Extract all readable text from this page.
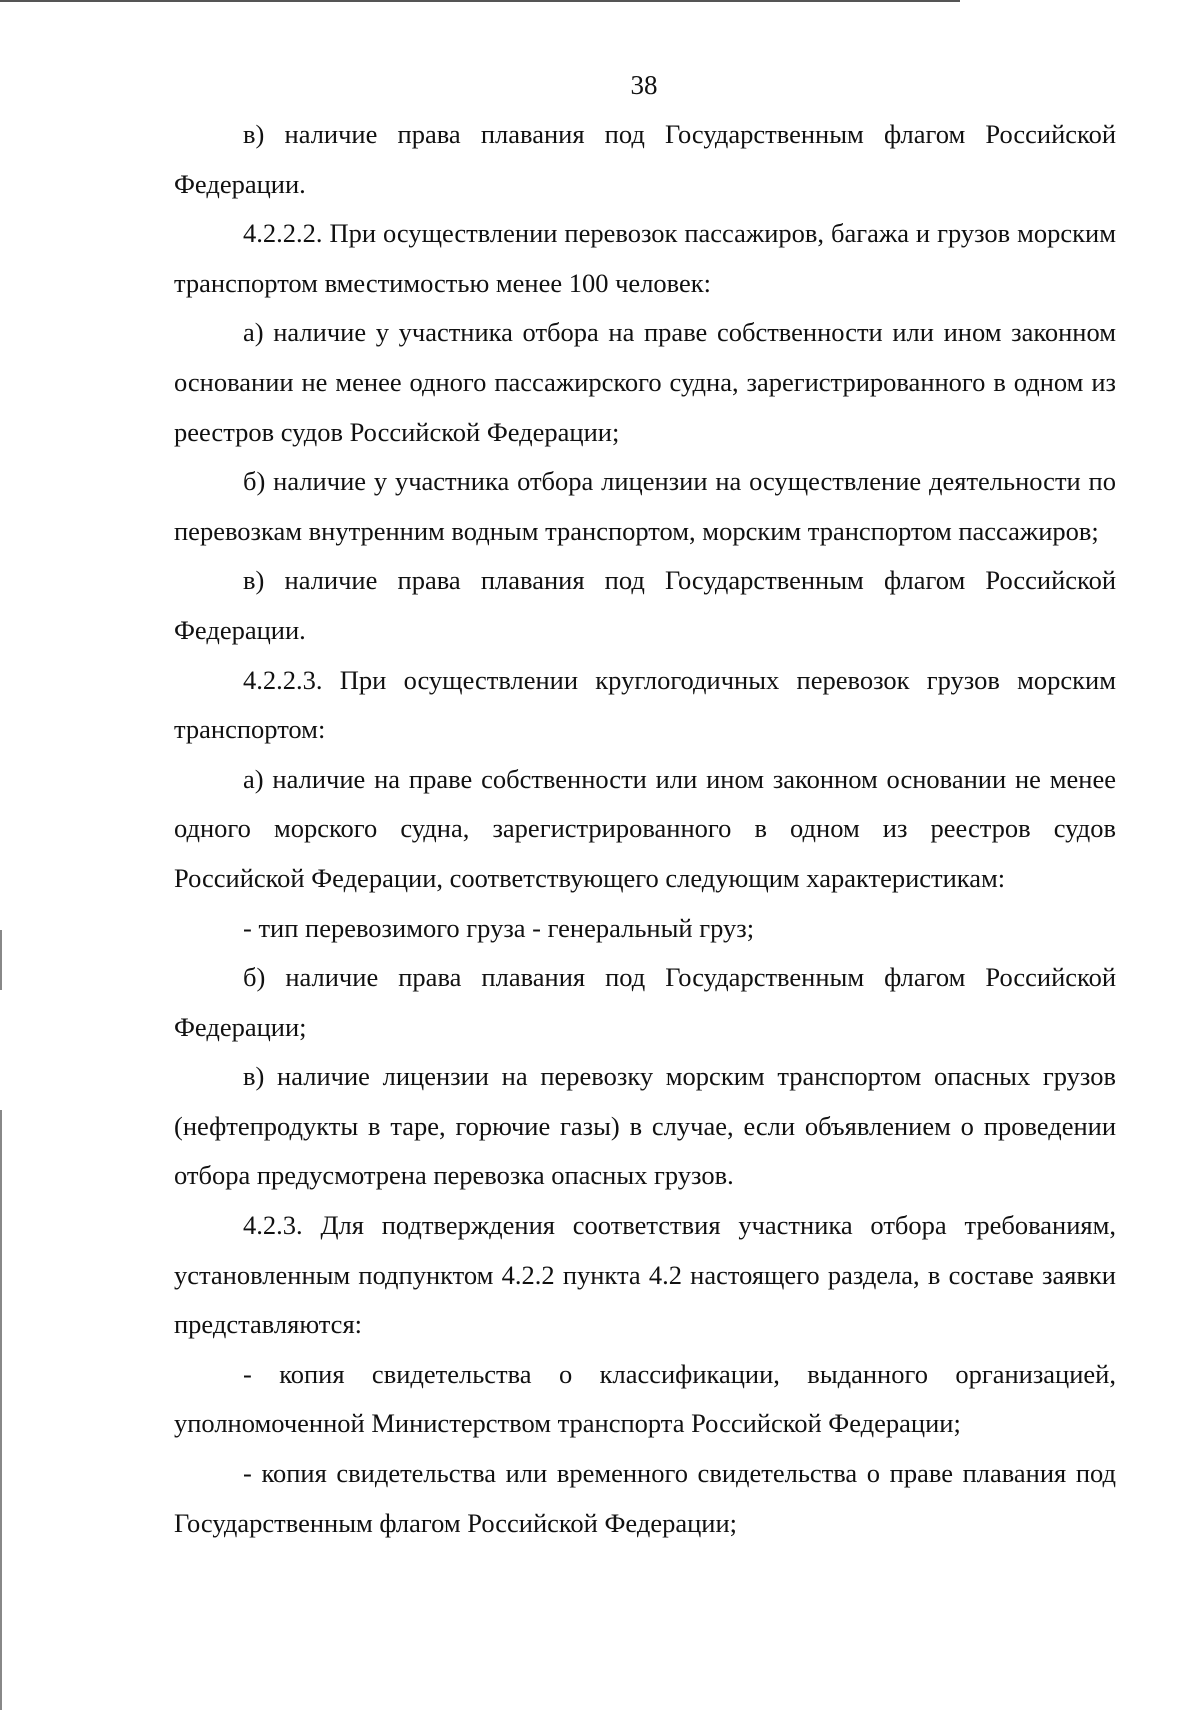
38

в) наличие права плавания под Государственным флагом Российской Федерации.

4.2.2.2. При осуществлении перевозок пассажиров, багажа и грузов морским транспортом вместимостью менее 100 человек:

а) наличие у участника отбора на праве собственности или ином законном основании не менее одного пассажирского судна, зарегистрированного в одном из реестров судов Российской Федерации;

б) наличие у участника отбора лицензии на осуществление деятельности по перевозкам внутренним водным транспортом, морским транспортом пассажиров;

в) наличие права плавания под Государственным флагом Российской Федерации.

4.2.2.3. При осуществлении круглогодичных перевозок грузов морским транспортом:

а) наличие на праве собственности или ином законном основании не менее одного морского судна, зарегистрированного в одном из реестров судов Российской Федерации, соответствующего следующим характеристикам:

- тип перевозимого груза - генеральный груз;

б) наличие права плавания под Государственным флагом Российской Федерации;

в) наличие лицензии на перевозку морским транспортом опасных грузов (нефтепродукты в таре, горючие газы) в случае, если объявлением о проведении отбора предусмотрена перевозка опасных грузов.

4.2.3. Для подтверждения соответствия участника отбора требованиям, установленным подпунктом 4.2.2 пункта 4.2 настоящего раздела, в составе заявки представляются:

- копия свидетельства о классификации, выданного организацией, уполномоченной Министерством транспорта Российской Федерации;

- копия свидетельства или временного свидетельства о праве плавания под Государственным флагом Российской Федерации;
